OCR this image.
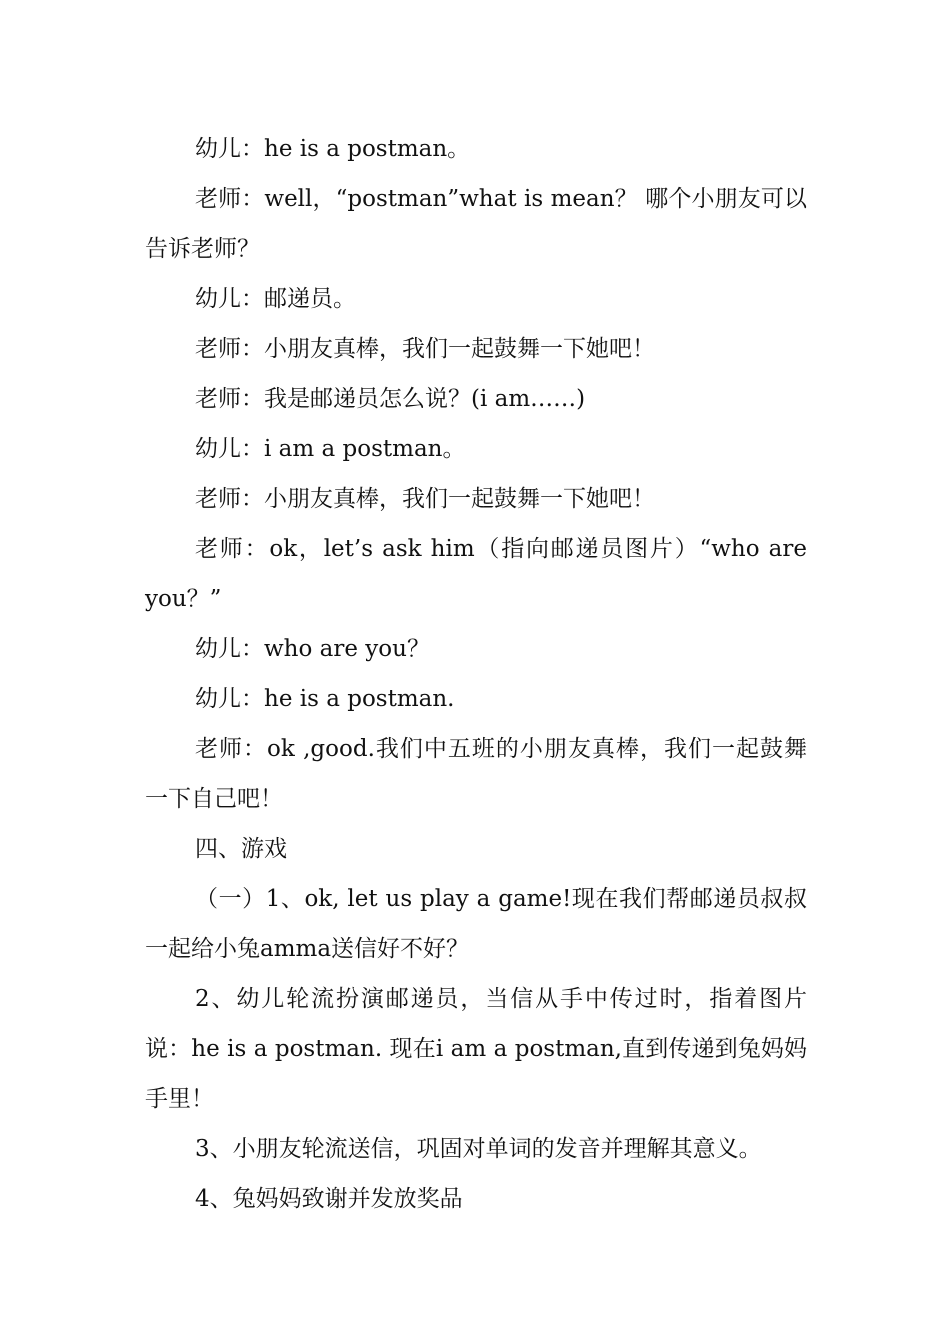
幼儿：he is a postman。

老师：well，“postman”what is mean？ 哪个小朋友可以告诉老师？

幼儿：邮递员。

老师：小朋友真棒，我们一起鼓舞一下她吧！

老师：我是邮递员怎么说？(i am……)

幼儿：i am a postman。

老师：小朋友真棒，我们一起鼓舞一下她吧！

老师：ok，let’s ask him（指向邮递员图片）“who are you？”

幼儿：who are you？

幼儿：he is a postman.

老师：ok ,good.我们中五班的小朋友真棒，我们一起鼓舞一下自己吧！

四、游戏

（一）1、ok, let us play a game!现在我们帮邮递员叔叔一起给小兔amma送信好不好？

2、幼儿轮流扮演邮递员，当信从手中传过时，指着图片说：he is a postman. 现在i am a postman,直到传递到兔妈妈手里！

3、小朋友轮流送信，巩固对单词的发音并理解其意义。

4、兔妈妈致谢并发放奖品
